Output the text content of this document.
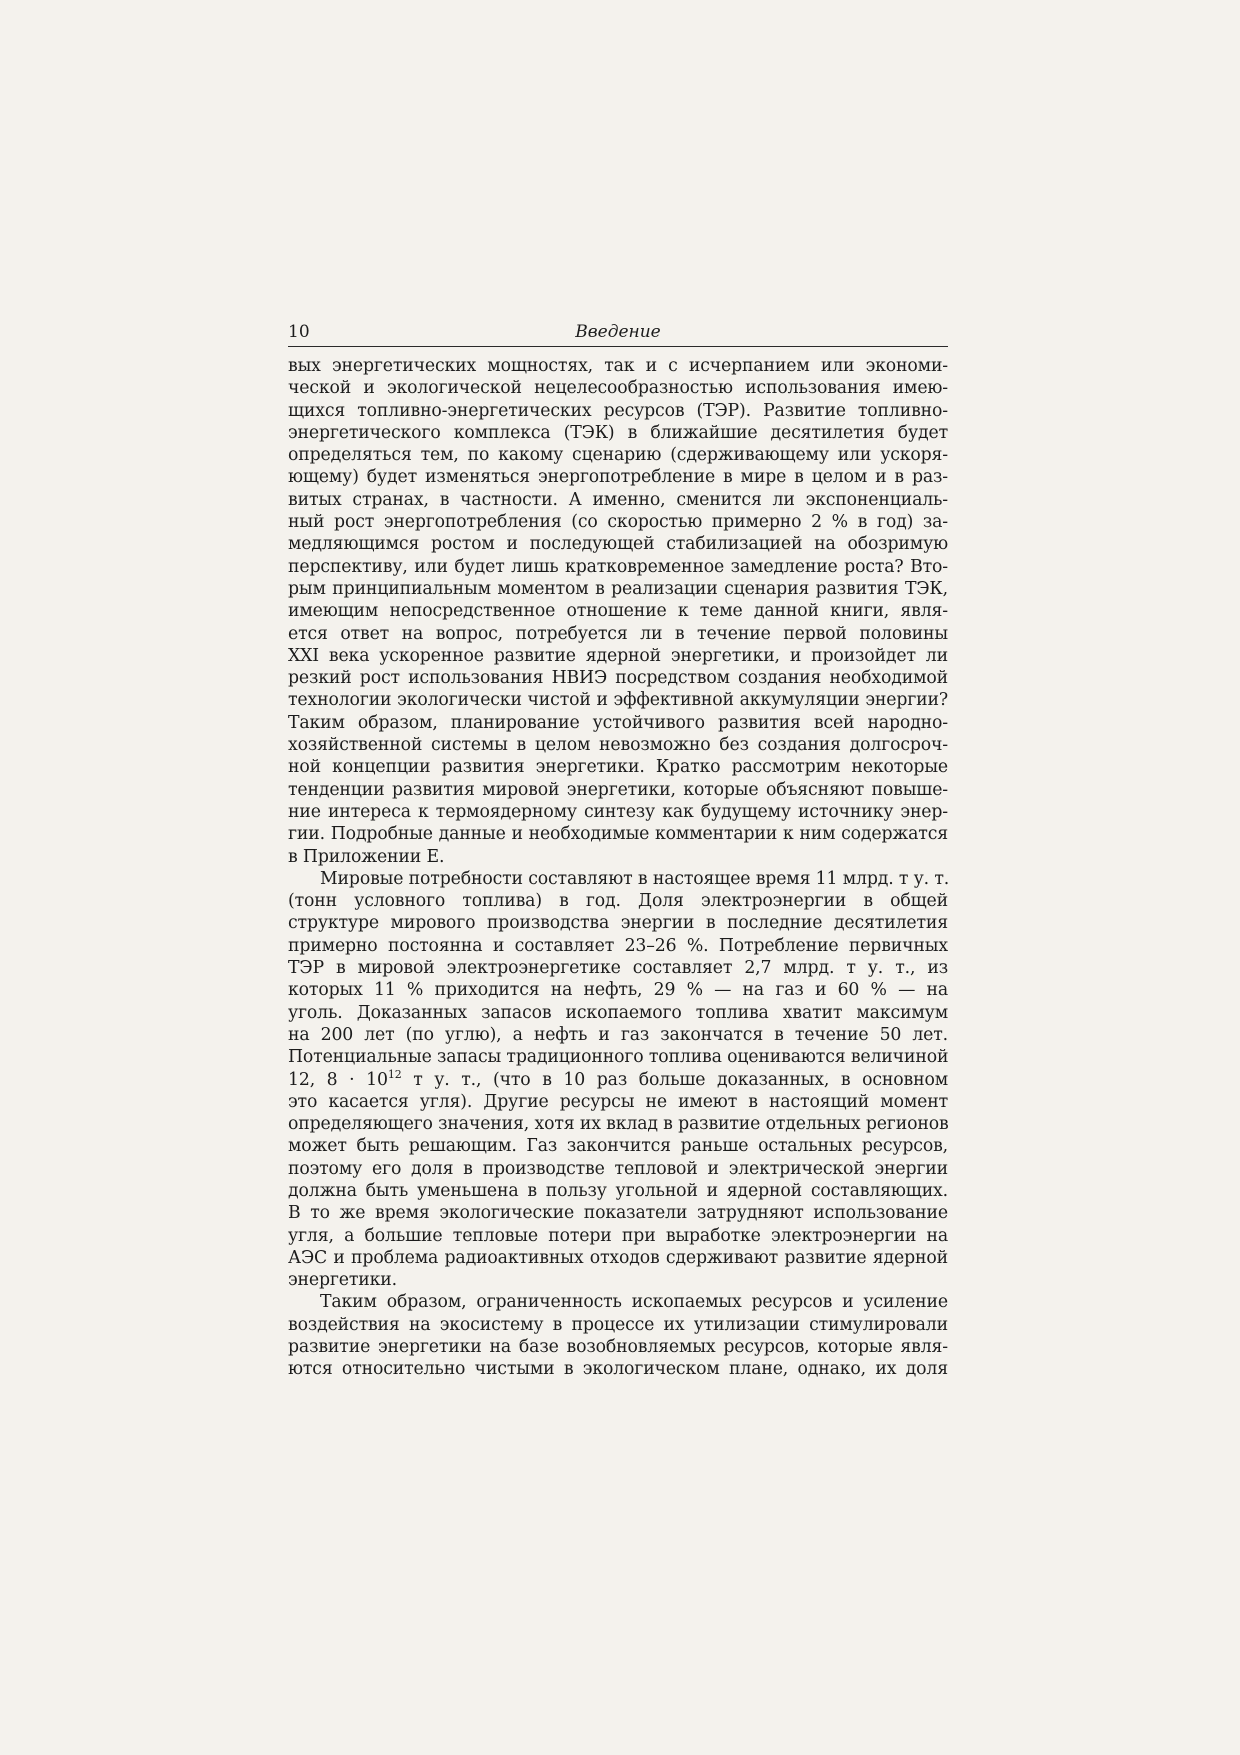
10	Введение
вых энергетических мощностях, так и с исчерпанием или экономи-
ческой и экологической нецелесообразностью использования имею-
щихся топливно-энергетических ресурсов (ТЭР). Развитие топливно-
энергетического комплекса (ТЭК) в ближайшие десятилетия будет
определяться тем, по какому сценарию (сдерживающему или ускоря-
ющему) будет изменяться энергопотребление в мире в целом и в раз-
витых странах, в частности. А именно, сменится ли экспоненциаль-
ный рост энергопотребления (со скоростью примерно 2 % в год) за-
медляющимся ростом и последующей стабилизацией на обозримую
перспективу, или будет лишь кратковременное замедление роста? Вто-
рым принципиальным моментом в реализации сценария развития ТЭК,
имеющим непосредственное отношение к теме данной книги, явля-
ется ответ на вопрос, потребуется ли в течение первой половины
XXI века ускоренное развитие ядерной энергетики, и произойдет ли
резкий рост использования НВИЭ посредством создания необходимой
технологии экологически чистой и эффективной аккумуляции энергии?
Таким образом, планирование устойчивого развития всей народно-
хозяйственной системы в целом невозможно без создания долгосроч-
ной концепции развития энергетики. Кратко рассмотрим некоторые
тенденции развития мировой энергетики, которые объясняют повыше-
ние интереса к термоядерному синтезу как будущему источнику энер-
гии. Подробные данные и необходимые комментарии к ним содержатся
в Приложении Е.
Мировые потребности составляют в настоящее время 11 млрд. т у. т.
(тонн условного топлива) в год. Доля электроэнергии в общей
структуре мирового производства энергии в последние десятилетия
примерно постоянна и составляет 23–26 %. Потребление первичных
ТЭР в мировой электроэнергетике составляет 2,7 млрд. т у. т., из
которых 11 % приходится на нефть, 29 % — на газ и 60 % — на
уголь. Доказанных запасов ископаемого топлива хватит максимум
на 200 лет (по углю), а нефть и газ закончатся в течение 50 лет.
Потенциальные запасы традиционного топлива оцениваются величиной
12, $8 \cdot 10^{12}$ т у. т., (что в 10 раз больше доказанных, в основном
это касается угля). Другие ресурсы не имеют в настоящий момент
определяющего значения, хотя их вклад в развитие отдельных регионов
может быть решающим. Газ закончится раньше остальных ресурсов,
поэтому его доля в производстве тепловой и электрической энергии
должна быть уменьшена в пользу угольной и ядерной составляющих.
В то же время экологические показатели затрудняют использование
угля, а большие тепловые потери при выработке электроэнергии на
АЭС и проблема радиоактивных отходов сдерживают развитие ядерной
энергетики.
Таким образом, ограниченность ископаемых ресурсов и усиление
воздействия на экосистему в процессе их утилизации стимулировали
развитие энергетики на базе возобновляемых ресурсов, которые явля-
ются относительно чистыми в экологическом плане, однако, их доля
